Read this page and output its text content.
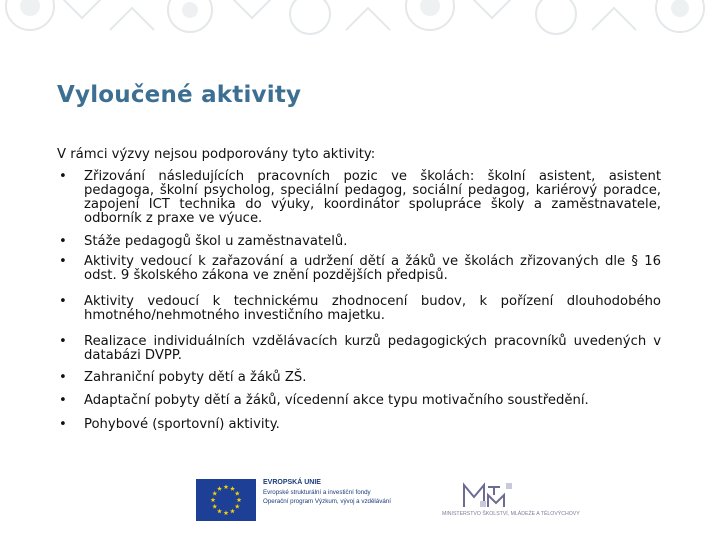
Vyloučené aktivity

V rámci výzvy nejsou podporovány tyto aktivity:

• Zřizování následujících pracovních pozic ve školách: školní asistent, asistent pedagoga, školní psycholog, speciální pedagog, sociální pedagog, kariérový poradce, zapojení ICT technika do výuky, koordinátor spolupráce školy a zaměstnavatele, odborník z praxe ve výuce.
• Stáže pedagogů škol u zaměstnavatelů.
• Aktivity vedoucí k zařazování a udržení dětí a žáků ve školách zřizovaných dle § 16 odst. 9 školského zákona ve znění pozdějších předpisů.
• Aktivity vedoucí k technickému zhodnocení budov, k pořízení dlouhodobého hmotného/nehmotného investičního majetku.
• Realizace individuálních vzdělávacích kurzů pedagogických pracovníků uvedených v databázi DVPP.
• Zahraniční pobyty dětí a žáků ZŠ.
• Adaptační pobyty dětí a žáků, vícedenní akce typu motivačního soustředění.
• Pohybové (sportovní) aktivity.
EVROPSKÁ UNIE
Evropské strukturální a investiční fondy
Operační program Výzkum, vývoj a vzdělávání
MINISTERSTVO ŠKOLSTVÍ, MLÁDEŽE A TĚLOVÝCHOVY
